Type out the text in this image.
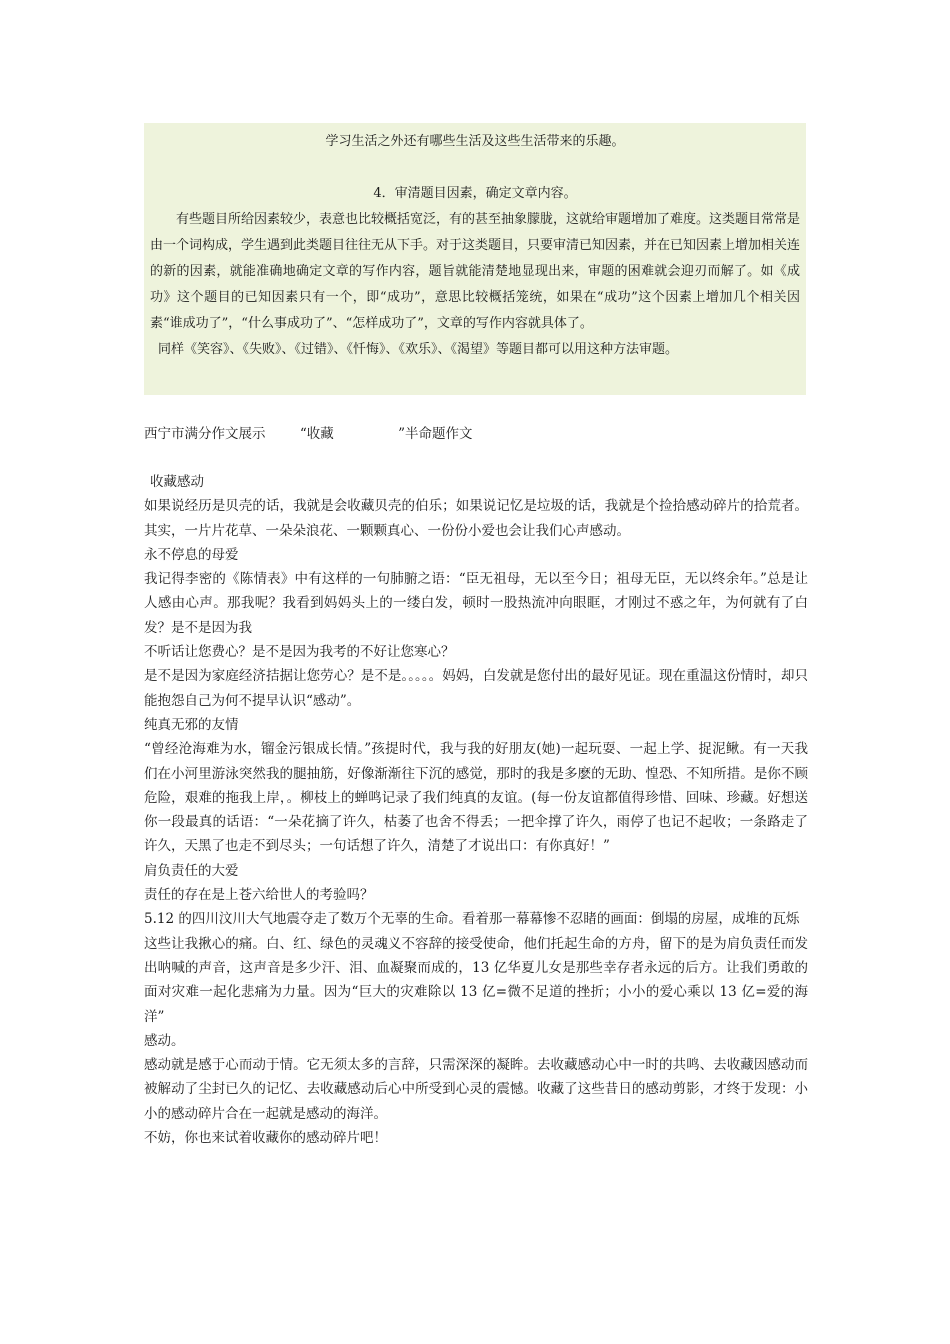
学习生活之外还有哪些生活及这些生活带来的乐趣。

4．审清题目因素，确定文章内容。

有些题目所给因素较少，表意也比较概括宽泛，有的甚至抽象朦胧，这就给审题增加了难度。这类题目常常是由一个词构成，学生遇到此类题目往往无从下手。对于这类题目，只要审清已知因素，并在已知因素上增加相关连的新的因素，就能准确地确定文章的写作内容，题旨就能清楚地显现出来，审题的困难就会迎刃而解了。如《成功》这个题目的已知因素只有一个，即“成功”，意思比较概括笼统，如果在“成功”这个因素上增加几个相关因素“谁成功了”，“什么事成功了”、“怎样成功了”，文章的写作内容就具体了。

同样《笑容》、《失败》、《过错》、《忏悔》、《欢乐》、《渴望》等题目都可以用这种方法审题。

西宁市满分作文展示        “收藏               ”半命题作文

收藏感动

如果说经历是贝壳的话，我就是会收藏贝壳的伯乐；如果说记忆是垃圾的话，我就是个捡拾感动碎片的拾荒者。其实，一片片花草、一朵朵浪花、一颗颗真心、一份份小爱也会让我们心声感动。

永不停息的母爱

我记得李密的《陈情表》中有这样的一句肺腑之语：“臣无祖母，无以至今日；祖母无臣，无以终余年。”总是让人感由心声。那我呢？我看到妈妈头上的一缕白发，顿时一股热流冲向眼眶，才刚过不惑之年，为何就有了白发？是不是因为我

不听话让您费心？是不是因为我考的不好让您寒心？

是不是因为家庭经济拮据让您劳心？是不是。。。。。妈妈，白发就是您付出的最好见证。现在重温这份情时，却只能抱怨自己为何不提早认识“感动”。

纯真无邪的友情

“曾经沧海难为水，镏金污银成长情。”孩提时代，我与我的好朋友(她)一起玩耍、一起上学、捉泥鳅。有一天我们在小河里游泳突然我的腿抽筋，好像渐渐往下沉的感觉，那时的我是多麽的无助、惶恐、不知所措。是你不顾危险，艰难的拖我上岸，。柳枝上的蝉鸣记录了我们纯真的友谊。(每一份友谊都值得珍惜、回味、珍藏。好想送你一段最真的话语：“一朵花摘了许久，枯萎了也舍不得丢；一把伞撑了许久，雨停了也记不起收；一条路走了许久，天黑了也走不到尽头；一句话想了许久，清楚了才说出口：有你真好！”

肩负责任的大爱

责任的存在是上苍六给世人的考验吗？

5.12 的四川汶川大气地震夺走了数万个无辜的生命。看着那一幕幕惨不忍睹的画面：倒塌的房屋，成堆的瓦烁

这些让我揪心的痛。白、红、绿色的灵魂义不容辞的接受使命，他们托起生命的方舟，留下的是为肩负责任而发出呐喊的声音，这声音是多少汗、泪、血凝聚而成的，13 亿华夏儿女是那些幸存者永远的后方。让我们勇敢的面对灾难一起化悲痛为力量。因为“巨大的灾难除以 13 亿=微不足道的挫折；小小的爱心乘以 13 亿=爱的海洋”

感动。

感动就是感于心而动于情。它无须太多的言辞，只需深深的凝眸。去收藏感动心中一时的共鸣、去收藏因感动而被解动了尘封已久的记忆、去收藏感动后心中所受到心灵的震憾。收藏了这些昔日的感动剪影，才终于发现：小小的感动碎片合在一起就是感动的海洋。

不妨，你也来试着收藏你的感动碎片吧！
